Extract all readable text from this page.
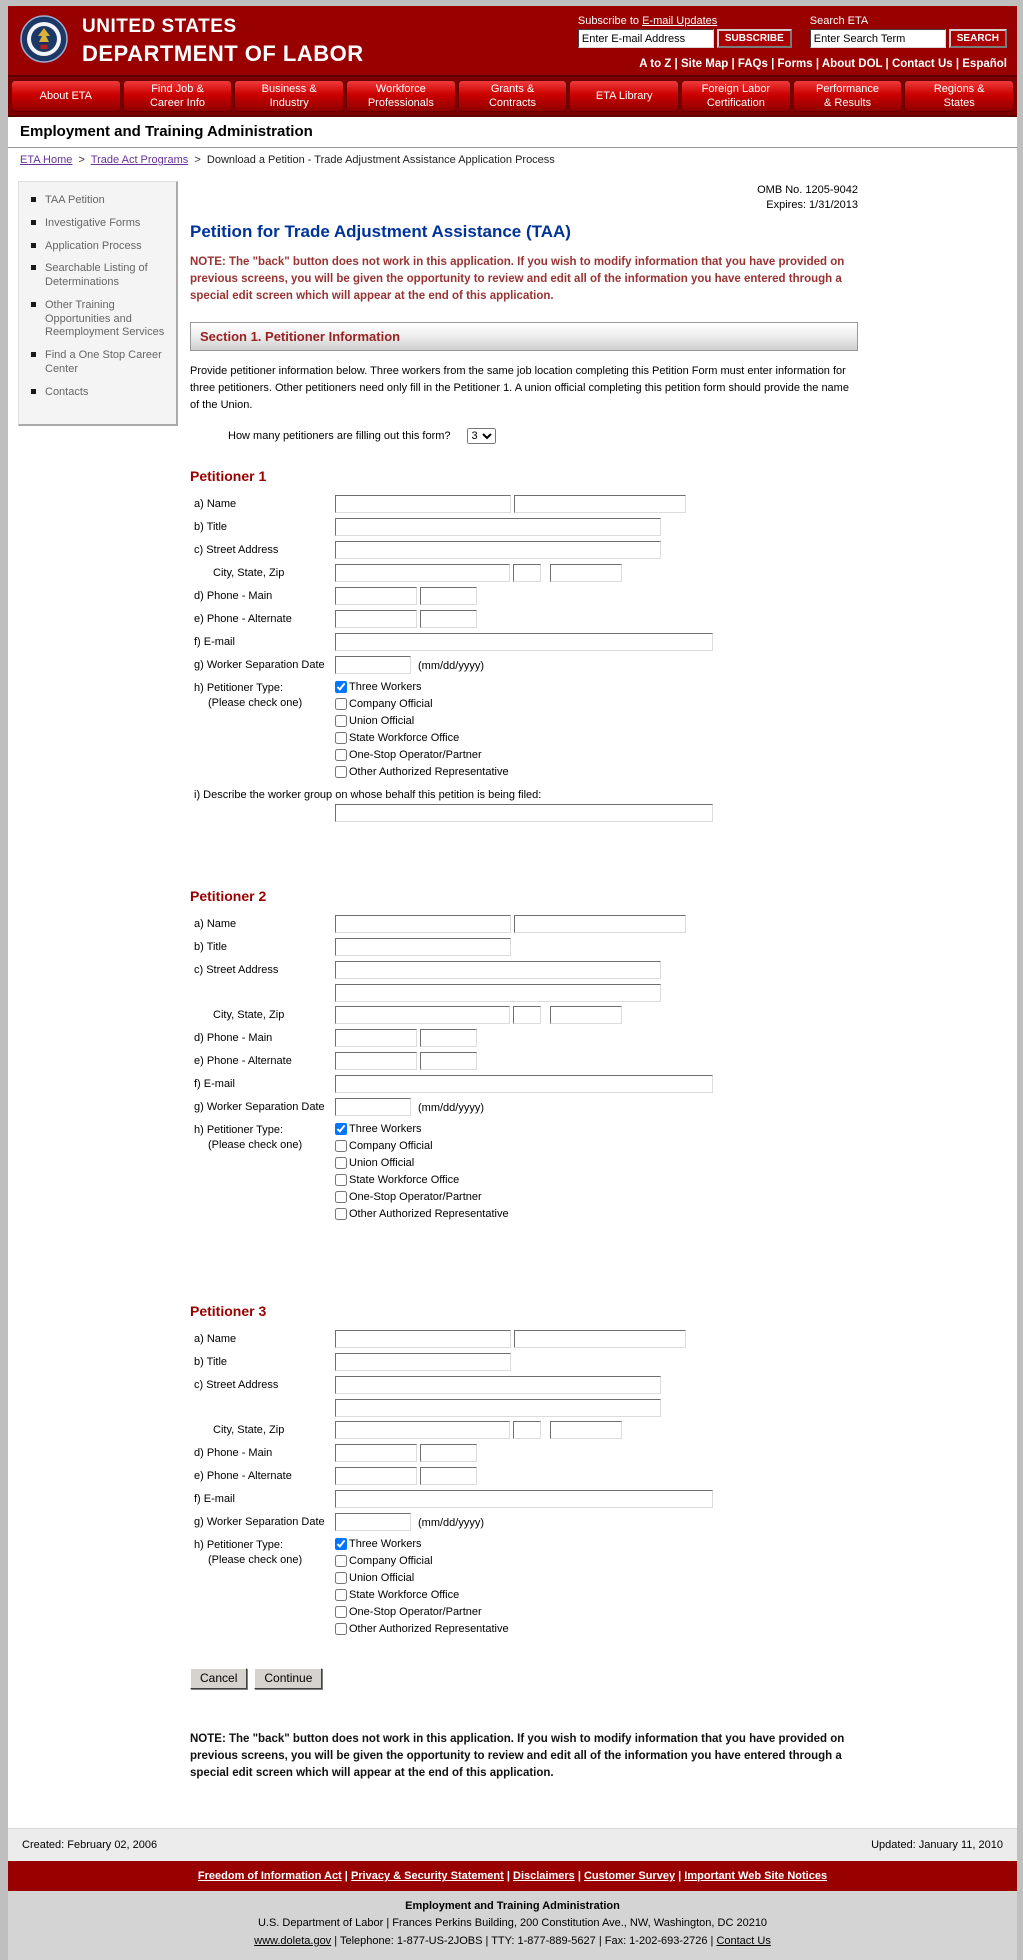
UNITED STATES
DEPARTMENT OF LABOR
Subscribe to E-mail Updates
Enter E-mail Address
SUBSCRIBE
Search ETA
Enter Search Term
SEARCH
A to Z | Site Map | FAQs | Forms | About DOL | Contact Us | Español
About ETA
Find Job &
Career Info
Business &
Industry
Workforce
Professionals
Grants &
Contracts
ETA Library
Foreign Labor
Certification
Performance
& Results
Regions &
States
Employment and Training Administration
ETA Home > Trade Act Programs > Download a Petition - Trade Adjustment Assistance Application Process
TAA Petition
Investigative Forms
Application Process
Searchable Listing of Determinations
Other Training Opportunities and Reemployment Services
Find a One Stop Career Center
Contacts
OMB No. 1205-9042
Expires: 1/31/2013
Petition for Trade Adjustment Assistance (TAA)
NOTE: The "back" button does not work in this application. If you wish to modify information that you have provided on previous screens, you will be given the opportunity to review and edit all of the information you have entered through a special edit screen which will appear at the end of this application.
Section 1. Petitioner Information
Provide petitioner information below. Three workers from the same job location completing this Petition Form must enter information for three petitioners. Other petitioners need only fill in the Petitioner 1. A union official completing this petition form should provide the name of the Union.
How many petitioners are filling out this form?
3
Petitioner 1
a) Name
b) Title
c) Street Address
City, State, Zip
d) Phone - Main
e) Phone - Alternate
f) E-mail
g) Worker Separation Date	(mm/dd/yyyy)
h) Petitioner Type:
(Please check one)
Three Workers
Company Official
Union Official
State Workforce Office
One-Stop Operator/Partner
Other Authorized Representative
i) Describe the worker group on whose behalf this petition is being filed:
Petitioner 2
a) Name
b) Title
c) Street Address
City, State, Zip
d) Phone - Main
e) Phone - Alternate
f) E-mail
g) Worker Separation Date	(mm/dd/yyyy)
h) Petitioner Type:
(Please check one)
Three Workers
Company Official
Union Official
State Workforce Office
One-Stop Operator/Partner
Other Authorized Representative
Petitioner 3
a) Name
b) Title
c) Street Address
City, State, Zip
d) Phone - Main
e) Phone - Alternate
f) E-mail
g) Worker Separation Date	(mm/dd/yyyy)
h) Petitioner Type:
(Please check one)
Three Workers
Company Official
Union Official
State Workforce Office
One-Stop Operator/Partner
Other Authorized Representative
Cancel	Continue
NOTE: The "back" button does not work in this application. If you wish to modify information that you have provided on previous screens, you will be given the opportunity to review and edit all of the information you have entered through a special edit screen which will appear at the end of this application.
Created: February 02, 2006	Updated: January 11, 2010
Freedom of Information Act | Privacy & Security Statement | Disclaimers | Customer Survey | Important Web Site Notices
Employment and Training Administration
U.S. Department of Labor | Frances Perkins Building, 200 Constitution Ave., NW, Washington, DC 20210
www.doleta.gov | Telephone: 1-877-US-2JOBS | TTY: 1-877-889-5627 | Fax: 1-202-693-2726 | Contact Us
